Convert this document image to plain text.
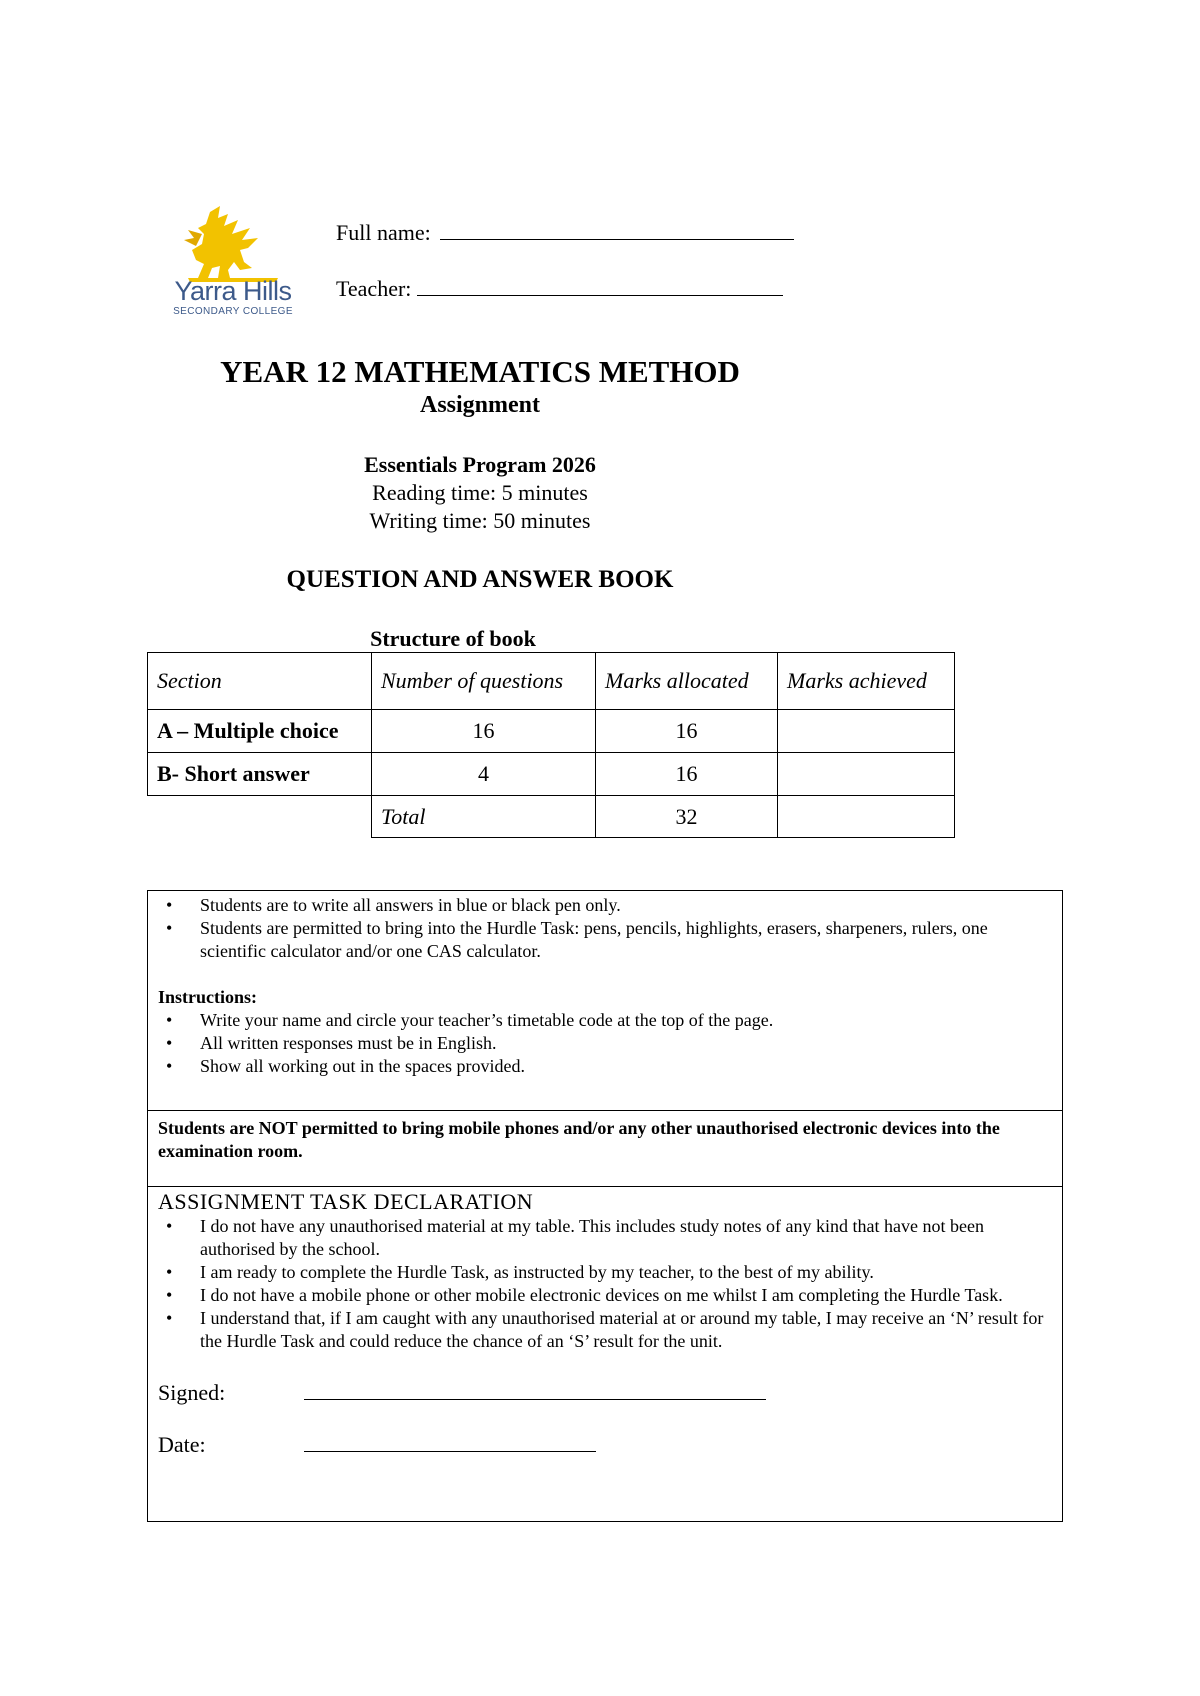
Yarra Hills
SECONDARY COLLEGE
Full name:
Teacher:
YEAR 12 MATHEMATICS METHOD
Assignment
Essentials Program 2026
Reading time: 5 minutes
Writing time: 50 minutes
QUESTION AND ANSWER BOOK
Structure of book
Section	Number of questions	Marks allocated	Marks achieved
A – Multiple choice	16	16	
B- Short answer	4	16	
	Total	32	
• Students are to write all answers in blue or black pen only.
• Students are permitted to bring into the Hurdle Task: pens, pencils, highlights, erasers, sharpeners, rulers, one scientific calculator and/or one CAS calculator.
Instructions:
• Write your name and circle your teacher’s timetable code at the top of the page.
• All written responses must be in English.
• Show all working out in the spaces provided.
Students are NOT permitted to bring mobile phones and/or any other unauthorised electronic devices into the examination room.
ASSIGNMENT TASK DECLARATION
• I do not have any unauthorised material at my table. This includes study notes of any kind that have not been authorised by the school.
• I am ready to complete the Hurdle Task, as instructed by my teacher, to the best of my ability.
• I do not have a mobile phone or other mobile electronic devices on me whilst I am completing the Hurdle Task.
• I understand that, if I am caught with any unauthorised material at or around my table, I may receive an ‘N’ result for the Hurdle Task and could reduce the chance of an ‘S’ result for the unit.
Signed:
Date:
